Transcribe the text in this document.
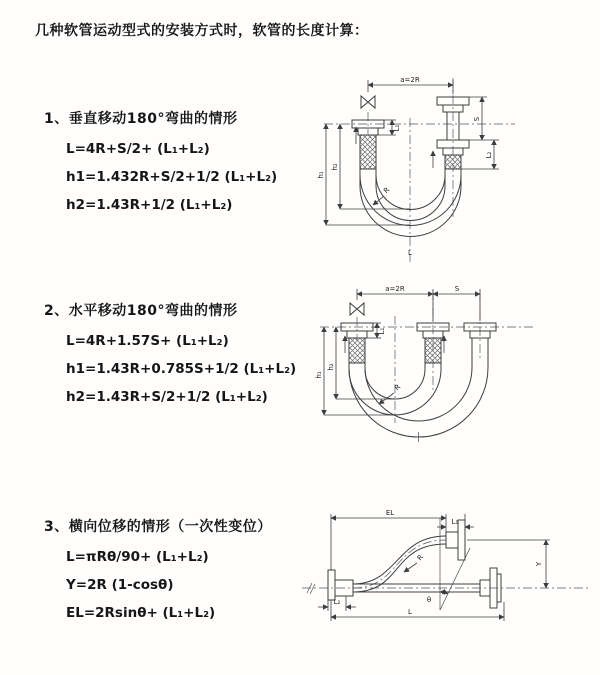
几种软管运动型式的安装方式时，软管的长度计算：
1、垂直移动180°弯曲的情形
L=4R+S/2+ (L₁+L₂)
h1=1.432R+S/2+1/2 (L₁+L₂)
h2=1.43R+1/2 (L₁+L₂)
2、水平移动180°弯曲的情形
L=4R+1.57S+ (L₁+L₂)
h1=1.43R+0.785S+1/2 (L₁+L₂)
h2=1.43R+S/2+1/2 (L₁+L₂)
3、横向位移的情形（一次性变位）
L=πRθ/90+ (L₁+L₂)
Y=2R (1-cosθ)
EL=2Rsinθ+ (L₁+L₂)
a=2R
L₁
S
L₂
h₂
h₁
R
L
a=2R	S
L₁
h₂
h₁
R
EL
L₁
Y
θ
R
L₂
L
